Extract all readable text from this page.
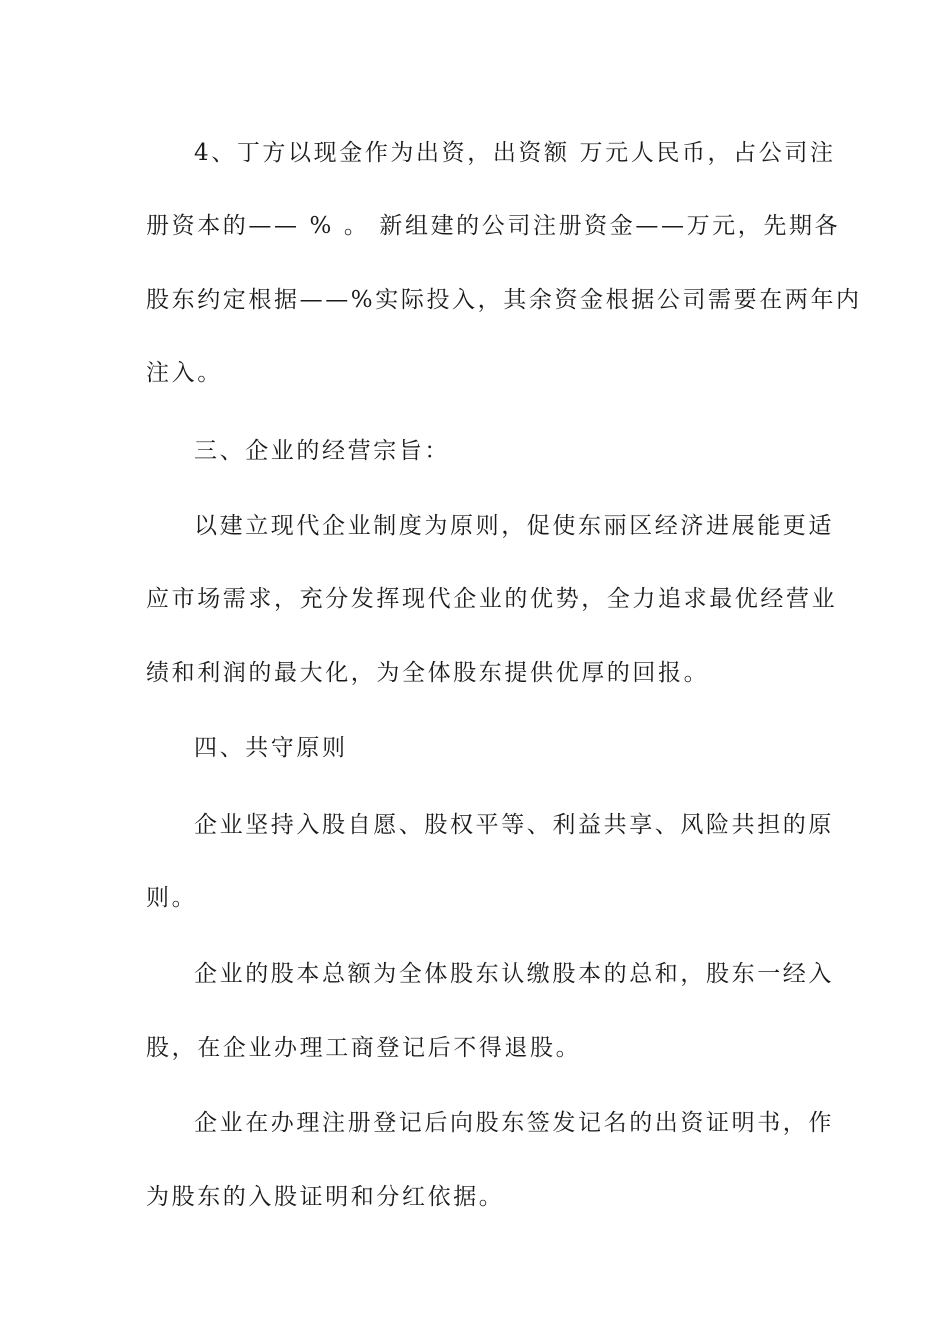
4、丁方以现金作为出资，出资额 万元人民币，占公司注
册资本的—— % 。 新组建的公司注册资金——万元，先期各
股东约定根据——%实际投入，其余资金根据公司需要在两年内
注入。
三、企业的经营宗旨：
以建立现代企业制度为原则，促使东丽区经济进展能更适
应市场需求，充分发挥现代企业的优势，全力追求最优经营业
绩和利润的最大化，为全体股东提供优厚的回报。
四、共守原则
企业坚持入股自愿、股权平等、利益共享、风险共担的原
则。
企业的股本总额为全体股东认缴股本的总和，股东一经入
股，在企业办理工商登记后不得退股。
企业在办理注册登记后向股东签发记名的出资证明书，作
为股东的入股证明和分红依据。
